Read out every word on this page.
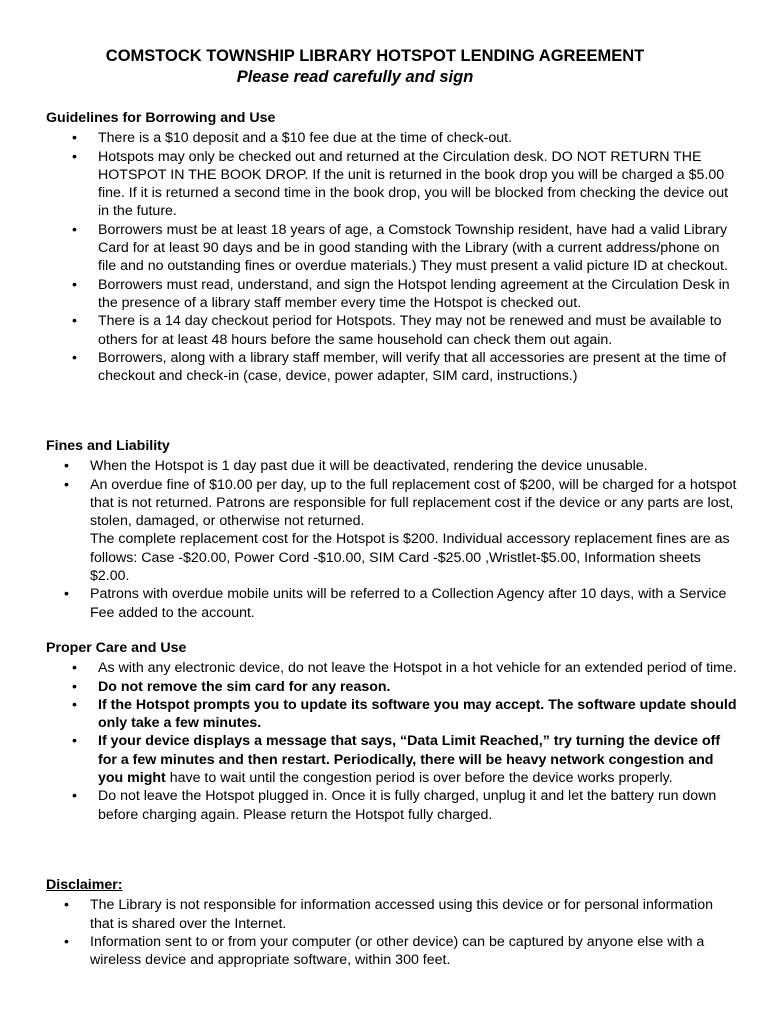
COMSTOCK TOWNSHIP LIBRARY HOTSPOT LENDING AGREEMENT
Please read carefully and sign
Guidelines for Borrowing and Use
• There is a $10 deposit and a $10 fee due at the time of check-out.
• Hotspots may only be checked out and returned at the Circulation desk. DO NOT RETURN THE HOTSPOT IN THE BOOK DROP. If the unit is returned in the book drop you will be charged a $5.00 fine. If it is returned a second time in the book drop, you will be blocked from checking the device out in the future.
• Borrowers must be at least 18 years of age, a Comstock Township resident, have had a valid Library Card for at least 90 days and be in good standing with the Library (with a current address/phone on file and no outstanding fines or overdue materials.) They must present a valid picture ID at checkout.
• Borrowers must read, understand, and sign the Hotspot lending agreement at the Circulation Desk in the presence of a library staff member every time the Hotspot is checked out.
• There is a 14 day checkout period for Hotspots. They may not be renewed and must be available to others for at least 48 hours before the same household can check them out again.
• Borrowers, along with a library staff member, will verify that all accessories are present at the time of checkout and check-in (case, device, power adapter, SIM card, instructions.)
Fines and Liability
• When the Hotspot is 1 day past due it will be deactivated, rendering the device unusable.
• An overdue fine of $10.00 per day, up to the full replacement cost of $200, will be charged for a hotspot that is not returned. Patrons are responsible for full replacement cost if the device or any parts are lost, stolen, damaged, or otherwise not returned.
The complete replacement cost for the Hotspot is $200. Individual accessory replacement fines are as follows: Case -$20.00, Power Cord -$10.00, SIM Card -$25.00 ,Wristlet-$5.00, Information sheets $2.00.
• Patrons with overdue mobile units will be referred to a Collection Agency after 10 days, with a Service Fee added to the account.
Proper Care and Use
• As with any electronic device, do not leave the Hotspot in a hot vehicle for an extended period of time.
• Do not remove the sim card for any reason.
• If the Hotspot prompts you to update its software you may accept. The software update should only take a few minutes.
• If your device displays a message that says, “Data Limit Reached,” try turning the device off for a few minutes and then restart. Periodically, there will be heavy network congestion and you might have to wait until the congestion period is over before the device works properly.
• Do not leave the Hotspot plugged in. Once it is fully charged, unplug it and let the battery run down before charging again. Please return the Hotspot fully charged.
Disclaimer:
• The Library is not responsible for information accessed using this device or for personal information that is shared over the Internet.
• Information sent to or from your computer (or other device) can be captured by anyone else with a wireless device and appropriate software, within 300 feet.
